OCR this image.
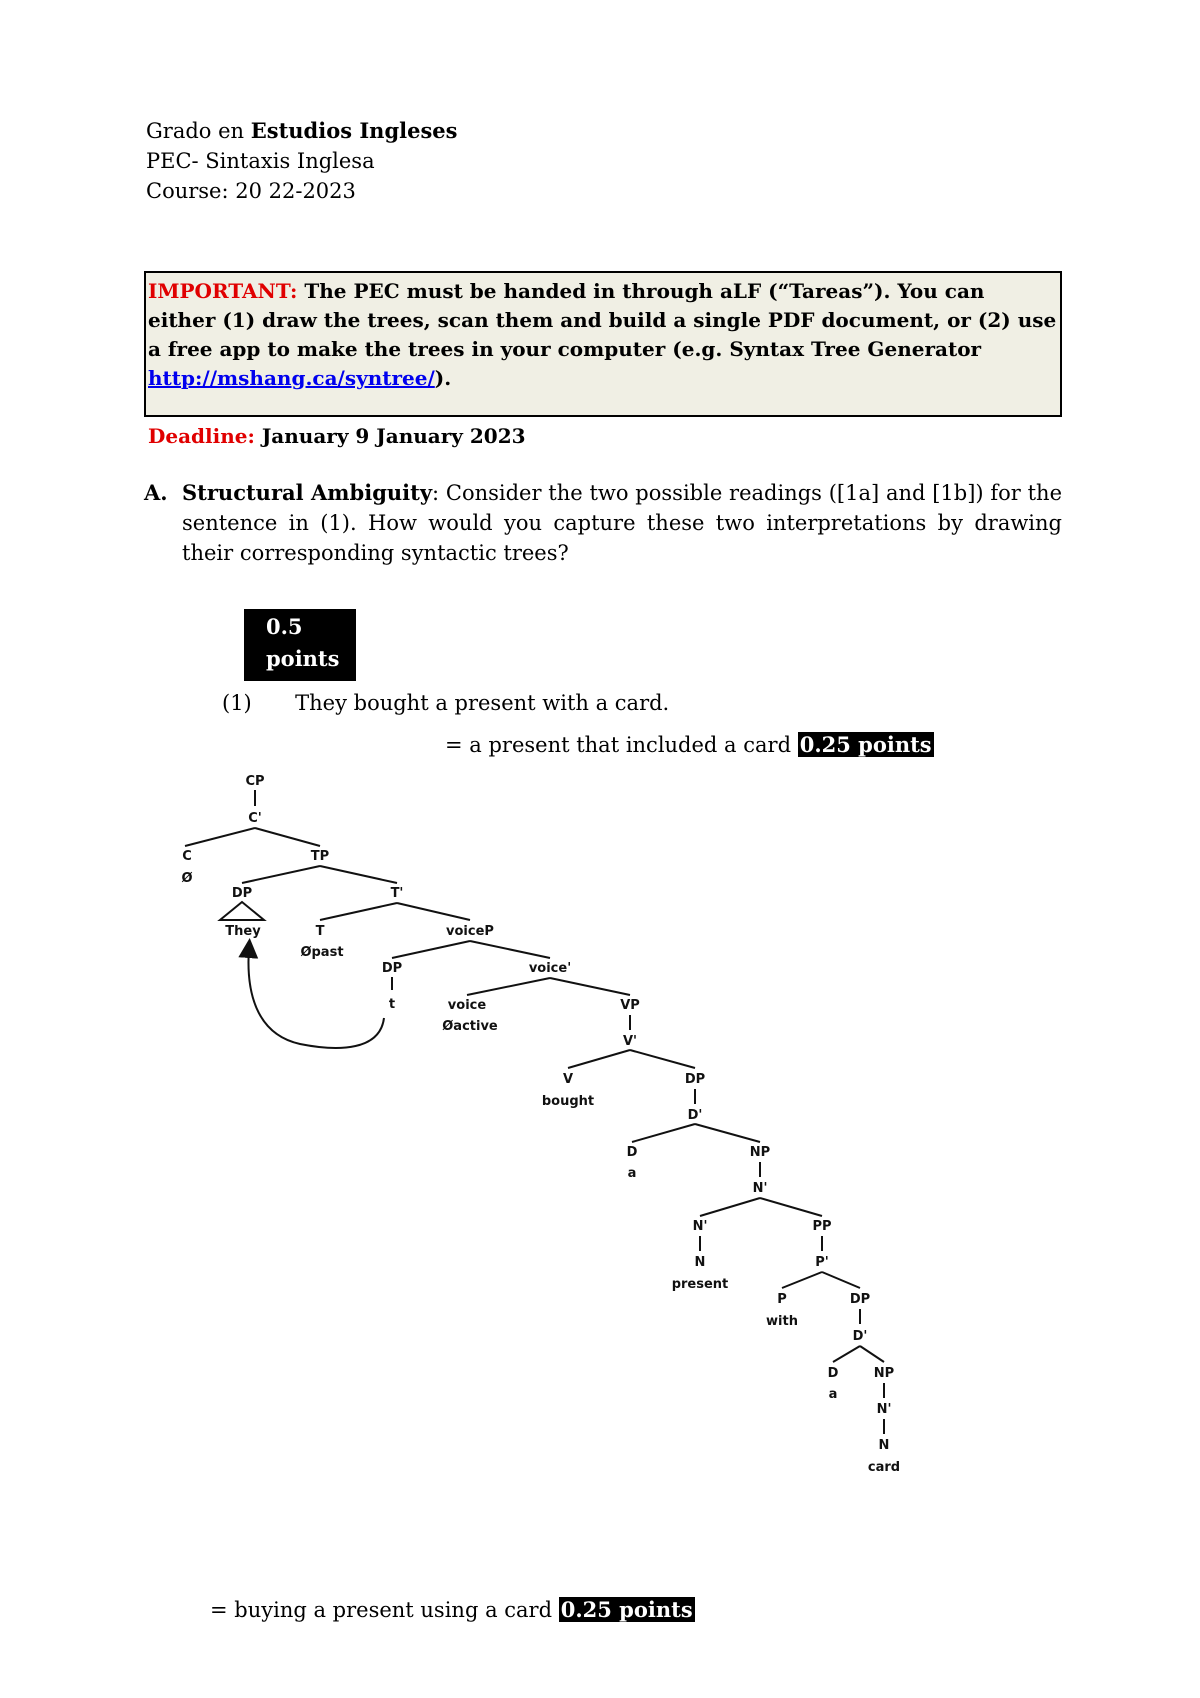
Grado en Estudios Ingleses
PEC- Sintaxis Inglesa
Course: 20 22-2023
IMPORTANT: The PEC must be handed in through aLF (“Tareas”). You can either (1) draw the trees, scan them and build a single PDF document, or (2) use a free app to make the trees in your computer (e.g. Syntax Tree Generator http://mshang.ca/syntree/).
Deadline: January 9 January 2023
A. Structural Ambiguity: Consider the two possible readings ([1a] and [1b]) for the sentence in (1). How would you capture these two interpretations by drawing their corresponding syntactic trees?
0.5
points
(1) They bought a present with a card.
= a present that included a card 0.25 points
CP
C'
C
Ø
TP
DP
They
T'
T
Øpast
voiceP
DP
t
voice'
voice
Øactive
VP
V'
V
bought
DP
D'
D
a
NP
N'
N'
N
present
PP
P'
P
with
DP
D'
D
a
NP
N'
N
card
= buying a present using a card 0.25 points
